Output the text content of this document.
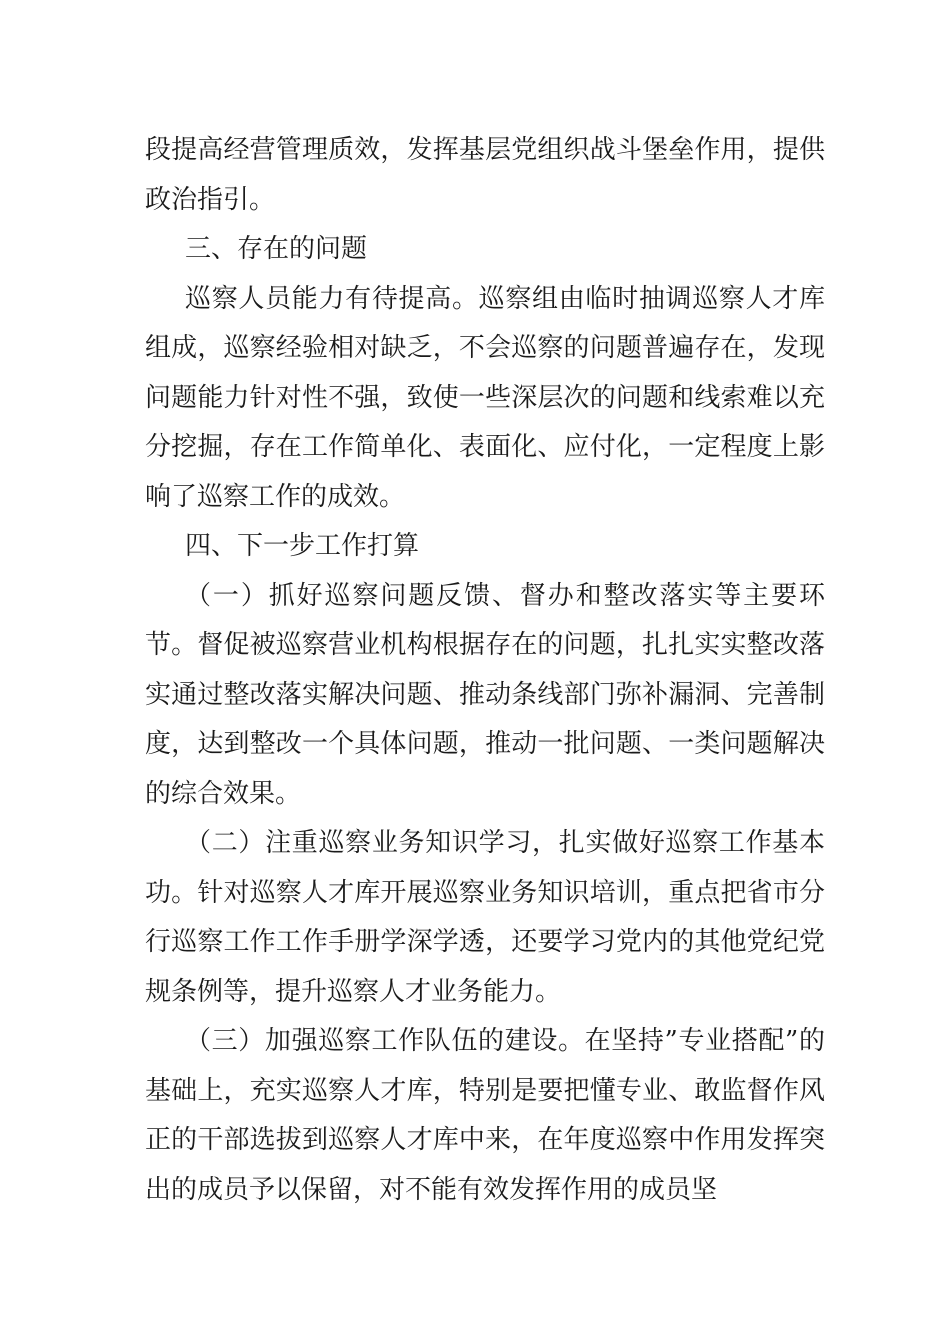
段提高经营管理质效，发挥基层党组织战斗堡垒作用，提供政治指引。

三、存在的问题

巡察人员能力有待提高。巡察组由临时抽调巡察人才库组成，巡察经验相对缺乏，不会巡察的问题普遍存在，发现问题能力针对性不强，致使一些深层次的问题和线索难以充分挖掘，存在工作简单化、表面化、应付化，一定程度上影响了巡察工作的成效。

四、下一步工作打算

（一）抓好巡察问题反馈、督办和整改落实等主要环节。督促被巡察营业机构根据存在的问题，扎扎实实整改落实通过整改落实解决问题、推动条线部门弥补漏洞、完善制度，达到整改一个具体问题，推动一批问题、一类问题解决的综合效果。

（二）注重巡察业务知识学习，扎实做好巡察工作基本功。针对巡察人才库开展巡察业务知识培训，重点把省市分行巡察工作工作手册学深学透，还要学习党内的其他党纪党规条例等，提升巡察人才业务能力。

（三）加强巡察工作队伍的建设。在坚持”专业搭配”的基础上，充实巡察人才库，特别是要把懂专业、敢监督作风正的干部选拔到巡察人才库中来，在年度巡察中作用发挥突出的成员予以保留，对不能有效发挥作用的成员坚
